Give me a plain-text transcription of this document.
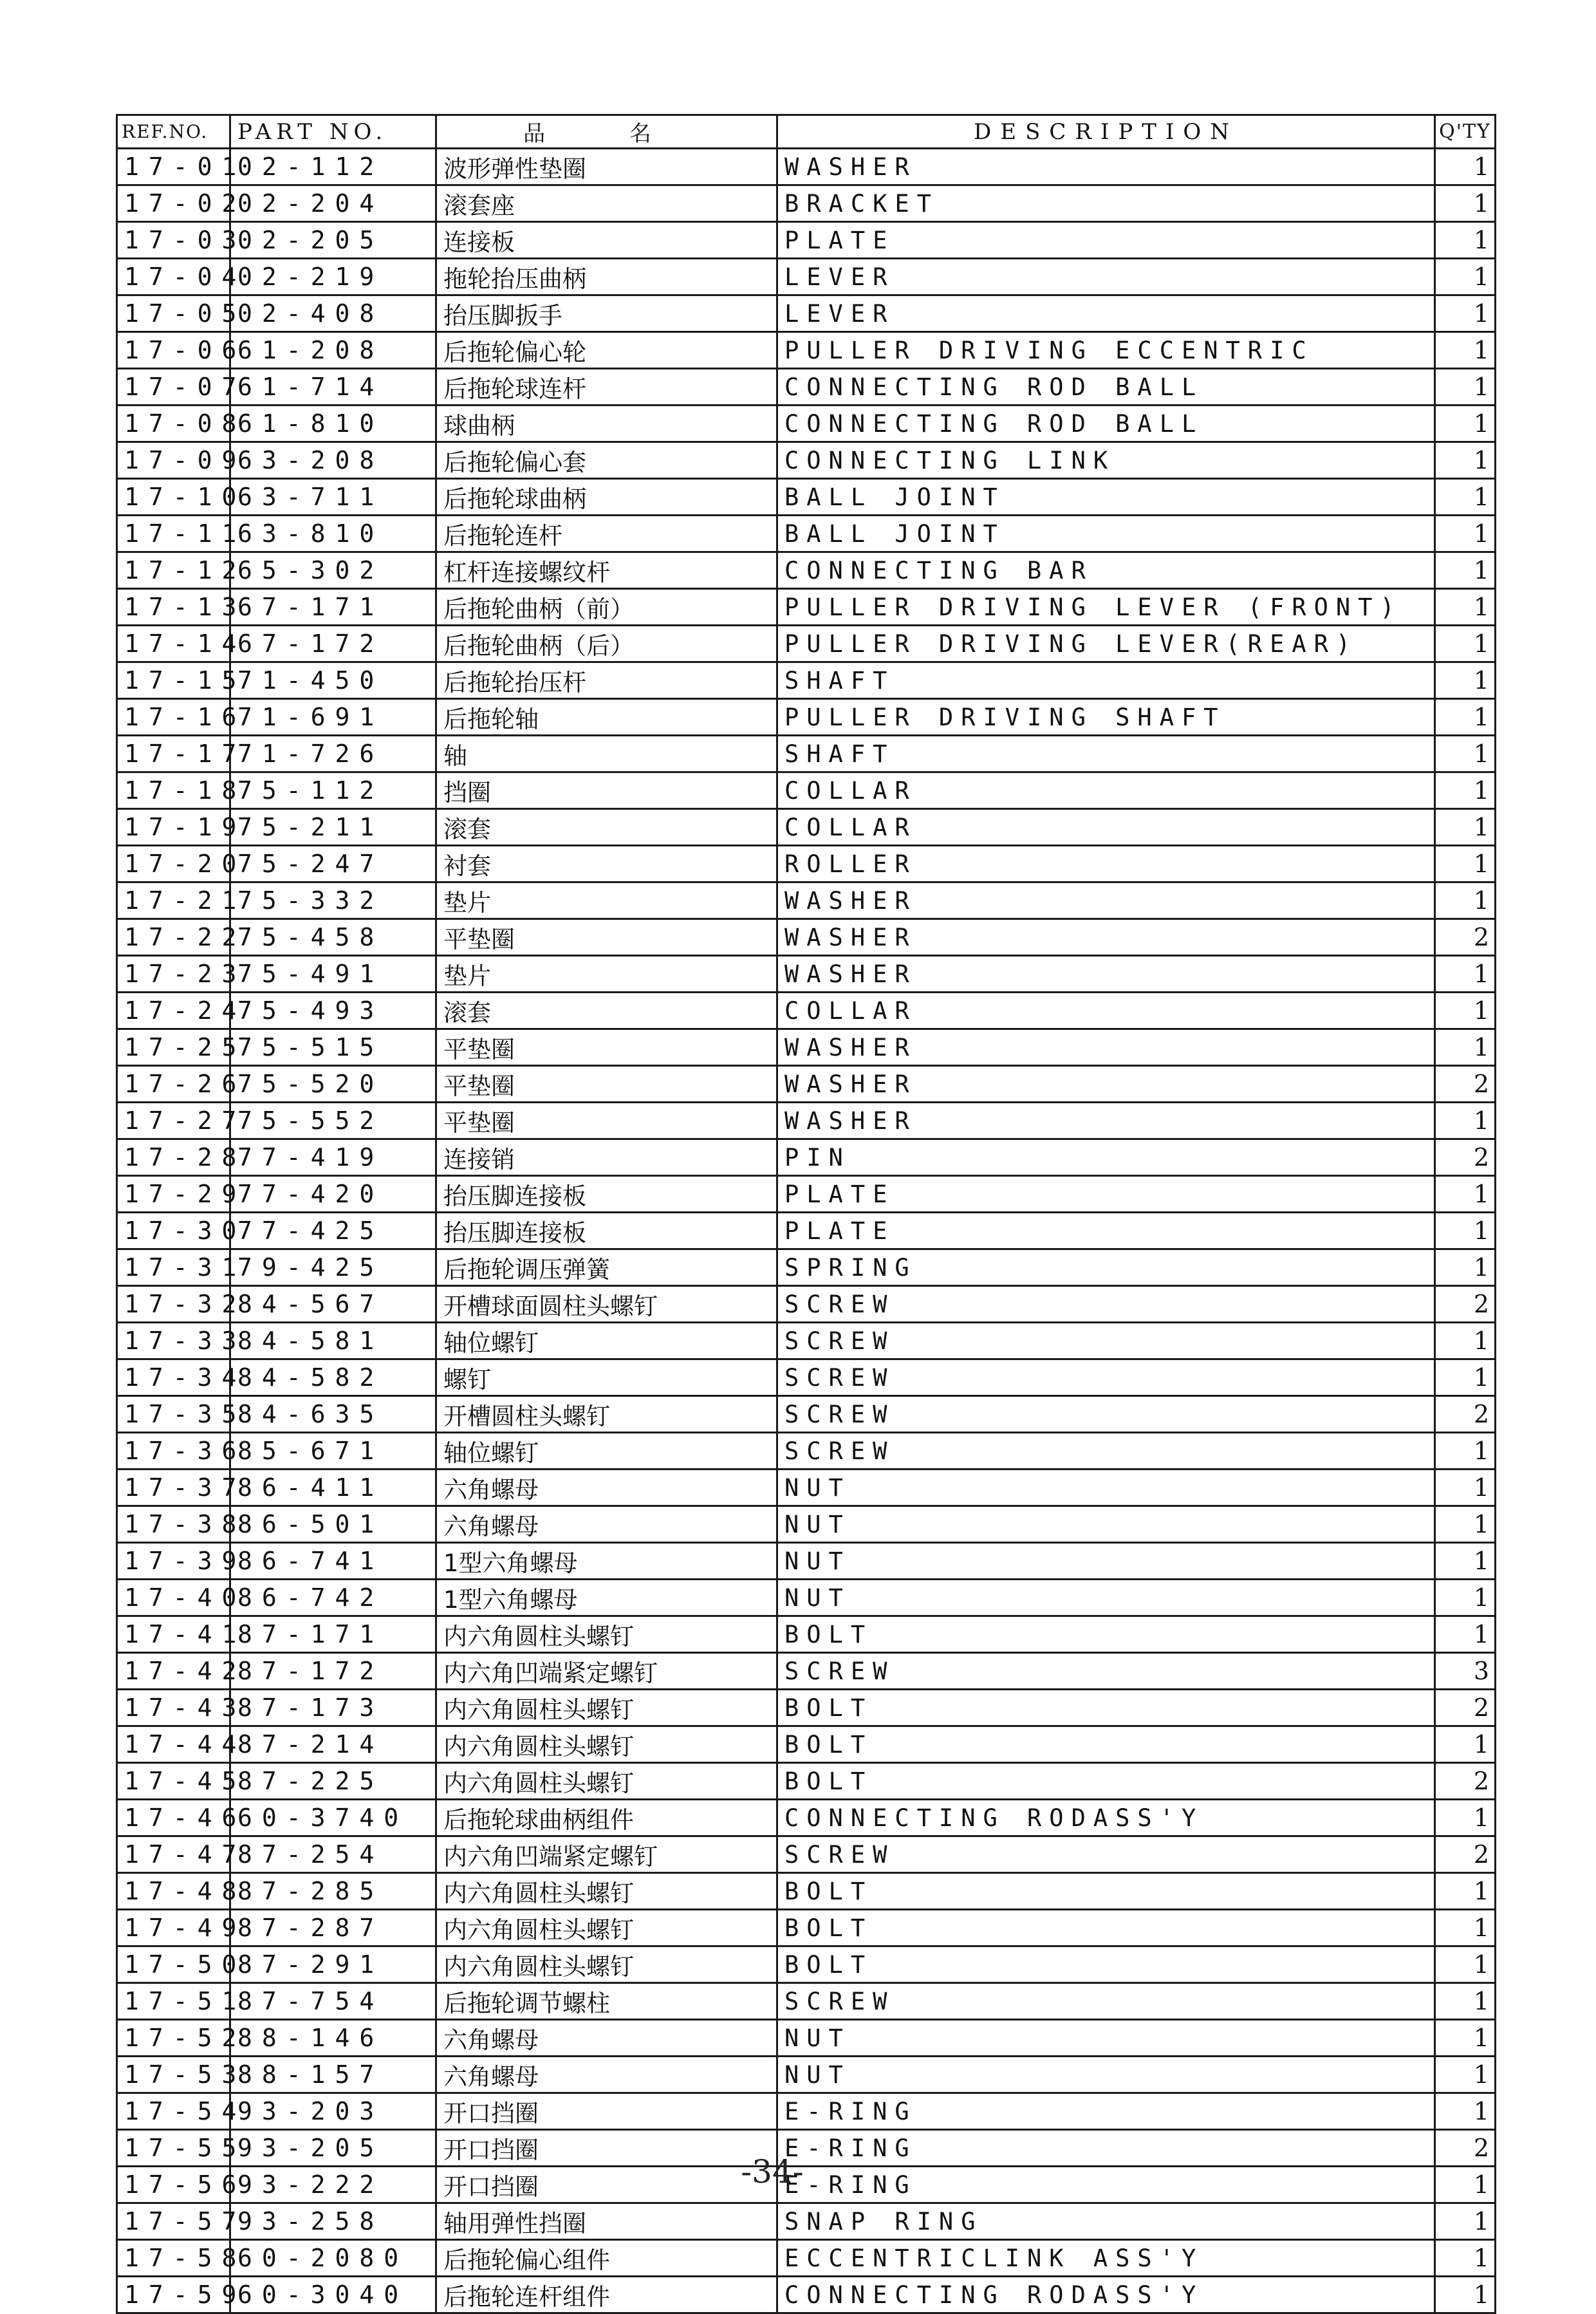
REF.NO.	PART NO.	品 名	DESCRIPTION	Q'TY
17-01	02-112	波形弹性垫圈	WASHER	1
17-02	02-204	滚套座	BRACKET	1
17-03	02-205	连接板	PLATE	1
17-04	02-219	拖轮抬压曲柄	LEVER	1
17-05	02-408	抬压脚扳手	LEVER	1
17-06	61-208	后拖轮偏心轮	PULLER DRIVING ECCENTRIC	1
17-07	61-714	后拖轮球连杆	CONNECTING ROD BALL	1
17-08	61-810	球曲柄	CONNECTING ROD BALL	1
17-09	63-208	后拖轮偏心套	CONNECTING LINK	1
17-10	63-711	后拖轮球曲柄	BALL JOINT	1
17-11	63-810	后拖轮连杆	BALL JOINT	1
17-12	65-302	杠杆连接螺纹杆	CONNECTING BAR	1
17-13	67-171	后拖轮曲柄（前）	PULLER DRIVING LEVER (FRONT)	1
17-14	67-172	后拖轮曲柄（后）	PULLER DRIVING LEVER(REAR)	1
17-15	71-450	后拖轮抬压杆	SHAFT	1
17-16	71-691	后拖轮轴	PULLER DRIVING SHAFT	1
17-17	71-726	轴	SHAFT	1
17-18	75-112	挡圈	COLLAR	1
17-19	75-211	滚套	COLLAR	1
17-20	75-247	衬套	ROLLER	1
17-21	75-332	垫片	WASHER	1
17-22	75-458	平垫圈	WASHER	2
17-23	75-491	垫片	WASHER	1
17-24	75-493	滚套	COLLAR	1
17-25	75-515	平垫圈	WASHER	1
17-26	75-520	平垫圈	WASHER	2
17-27	75-552	平垫圈	WASHER	1
17-28	77-419	连接销	PIN	2
17-29	77-420	抬压脚连接板	PLATE	1
17-30	77-425	抬压脚连接板	PLATE	1
17-31	79-425	后拖轮调压弹簧	SPRING	1
17-32	84-567	开槽球面圆柱头螺钉	SCREW	2
17-33	84-581	轴位螺钉	SCREW	1
17-34	84-582	螺钉	SCREW	1
17-35	84-635	开槽圆柱头螺钉	SCREW	2
17-36	85-671	轴位螺钉	SCREW	1
17-37	86-411	六角螺母	NUT	1
17-38	86-501	六角螺母	NUT	1
17-39	86-741	1型六角螺母	NUT	1
17-40	86-742	1型六角螺母	NUT	1
17-41	87-171	内六角圆柱头螺钉	BOLT	1
17-42	87-172	内六角凹端紧定螺钉	SCREW	3
17-43	87-173	内六角圆柱头螺钉	BOLT	2
17-44	87-214	内六角圆柱头螺钉	BOLT	1
17-45	87-225	内六角圆柱头螺钉	BOLT	2
17-46	60-3740	后拖轮球曲柄组件	CONNECTING RODASS'Y	1
17-47	87-254	内六角凹端紧定螺钉	SCREW	2
17-48	87-285	内六角圆柱头螺钉	BOLT	1
17-49	87-287	内六角圆柱头螺钉	BOLT	1
17-50	87-291	内六角圆柱头螺钉	BOLT	1
17-51	87-754	后拖轮调节螺柱	SCREW	1
17-52	88-146	六角螺母	NUT	1
17-53	88-157	六角螺母	NUT	1
17-54	93-203	开口挡圈	E-RING	1
17-55	93-205	开口挡圈	E-RING	2
17-56	93-222	开口挡圈	E-RING	1
17-57	93-258	轴用弹性挡圈	SNAP RING	1
17-58	60-2080	后拖轮偏心组件	ECCENTRICLINK ASS'Y	1
17-59	60-3040	后拖轮连杆组件	CONNECTING RODASS'Y	1
-34-
